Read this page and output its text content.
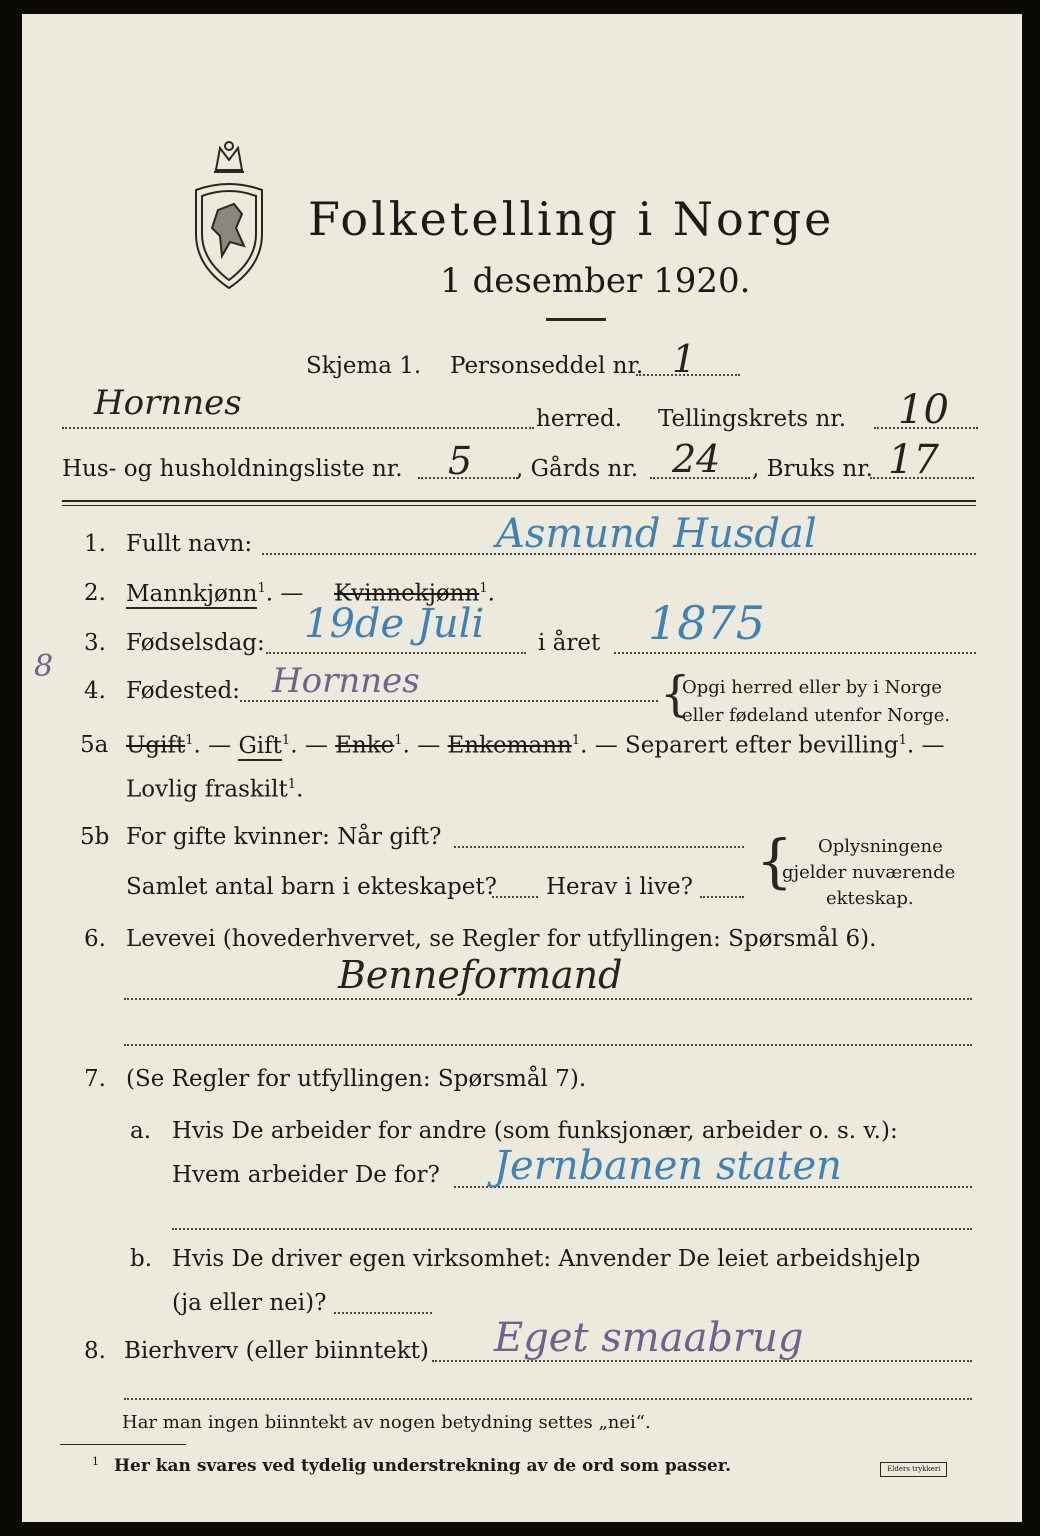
Folketelling i Norge
1 desember 1920.
Skjema 1. Personseddel nr. 1
Hornnes	herred. Tellingskrets nr. 10
Hus- og husholdningsliste nr. 5 , Gårds nr. 24 , Bruks nr. 17
1. Fullt navn:	Asmund Husdal
2. Mannkjønn$^1$. — Kvinnekjønn$^1$.
3. Fødselsdag: 19de Juli i året 1875
8
4. Fødested: Hornnes	{
Opgi herred eller by i Norge
eller fødeland utenfor Norge.
5a Ugift$^1$. — Gift$^1$. — Enke$^1$. — Enkemann$^1$. — Separert efter bevilling$^1$. —
Lovlig fraskilt$^1$.
5b For gifte kvinner: Når gift?
Samlet antal barn i ekteskapet? Herav i live? { Oplysningene
gjelder nuværende
ekteskap.
6. Levevei (hovederhvervet, se Regler for utfyllingen: Spørsmål 6).
Benneformand
7. (Se Regler for utfyllingen: Spørsmål 7).
a. Hvis De arbeider for andre (som funksjonær, arbeider o. s. v.):
Hvem arbeider De for? Jernbanen staten
b. Hvis De driver egen virksomhet: Anvender De leiet arbeidshjelp
(ja eller nei)?
8. Bierhverv (eller biinntekt) Eget smaabrug
Har man ingen biinntekt av nogen betydning settes „nei“.
1 Her kan svares ved tydelig understrekning av de ord som passer.	Elders trykkeri
